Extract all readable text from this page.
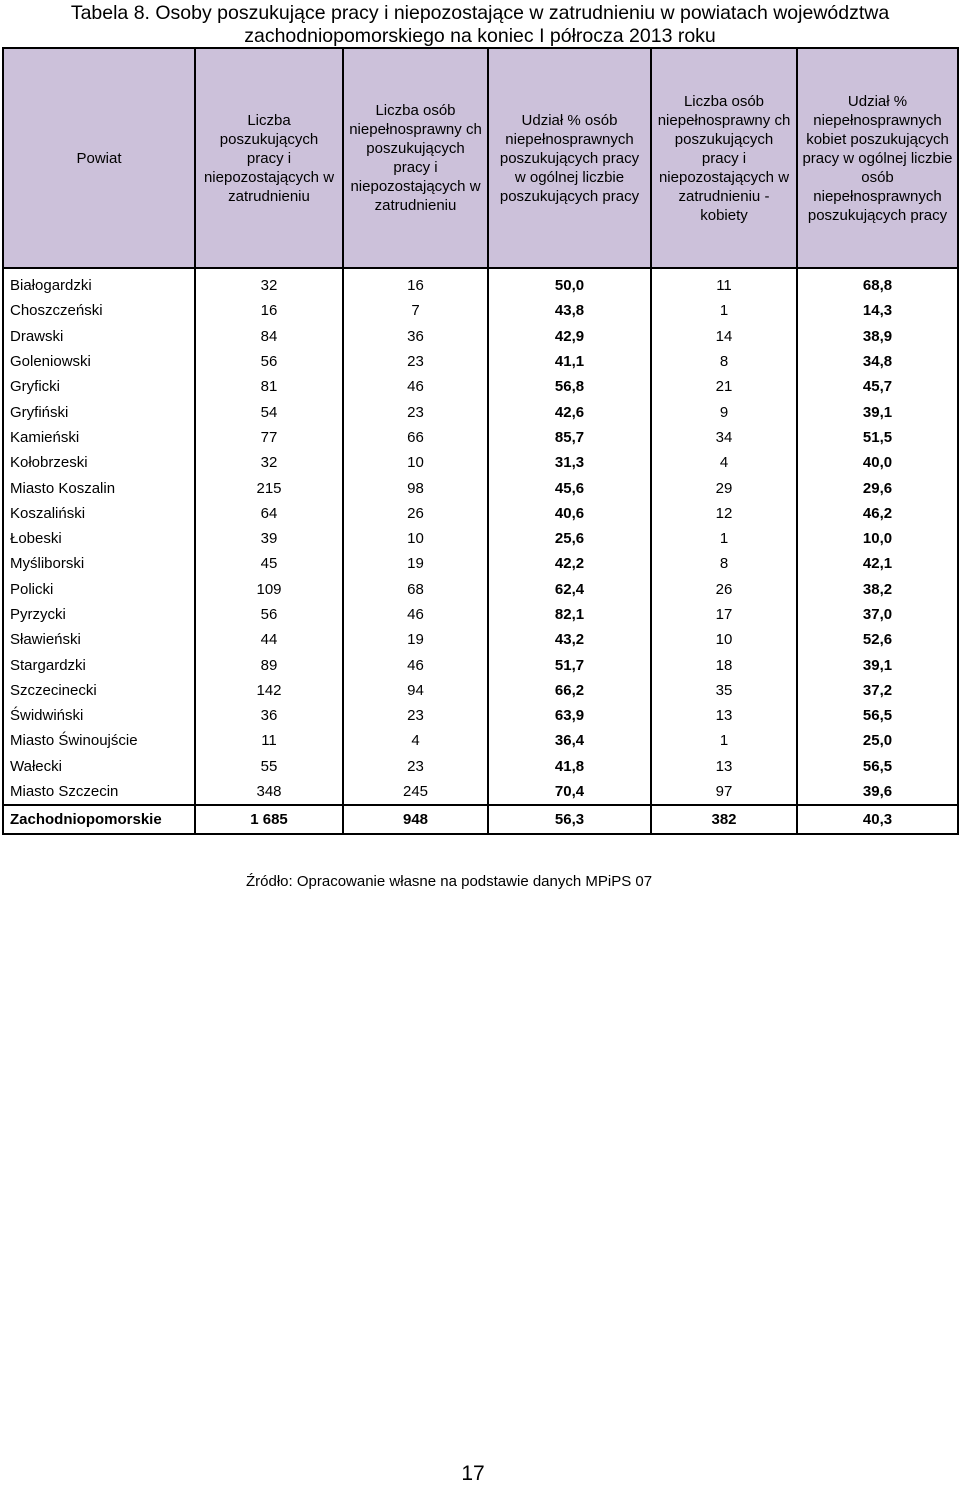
Tabela 8. Osoby poszukujące pracy i niepozostające w zatrudnieniu w powiatach województwa
zachodniopomorskiego na koniec I półrocza 2013 roku
Powiat	Liczba poszukujących pracy i niepozostających w zatrudnieniu	Liczba osób niepełnosprawny ch poszukujących pracy i niepozostających w zatrudnieniu	Udział % osób niepełnosprawnych poszukujących pracy w ogólnej liczbie poszukujących pracy	Liczba osób niepełnosprawny ch poszukujących pracy i niepozostających w zatrudnieniu - kobiety	Udział % niepełnosprawnych kobiet poszukujących pracy w ogólnej liczbie osób niepełnosprawnych poszukujących pracy
Białogardzki	32	16	50,0	11	68,8
Choszczeński	16	7	43,8	1	14,3
Drawski	84	36	42,9	14	38,9
Goleniowski	56	23	41,1	8	34,8
Gryficki	81	46	56,8	21	45,7
Gryfiński	54	23	42,6	9	39,1
Kamieński	77	66	85,7	34	51,5
Kołobrzeski	32	10	31,3	4	40,0
Miasto Koszalin	215	98	45,6	29	29,6
Koszaliński	64	26	40,6	12	46,2
Łobeski	39	10	25,6	1	10,0
Myśliborski	45	19	42,2	8	42,1
Policki	109	68	62,4	26	38,2
Pyrzycki	56	46	82,1	17	37,0
Sławieński	44	19	43,2	10	52,6
Stargardzki	89	46	51,7	18	39,1
Szczecinecki	142	94	66,2	35	37,2
Świdwiński	36	23	63,9	13	56,5
Miasto Świnoujście	11	4	36,4	1	25,0
Wałecki	55	23	41,8	13	56,5
Miasto Szczecin	348	245	70,4	97	39,6
Zachodniopomorskie	1 685	948	56,3	382	40,3
Źródło: Opracowanie własne na podstawie danych MPiPS 07
17
